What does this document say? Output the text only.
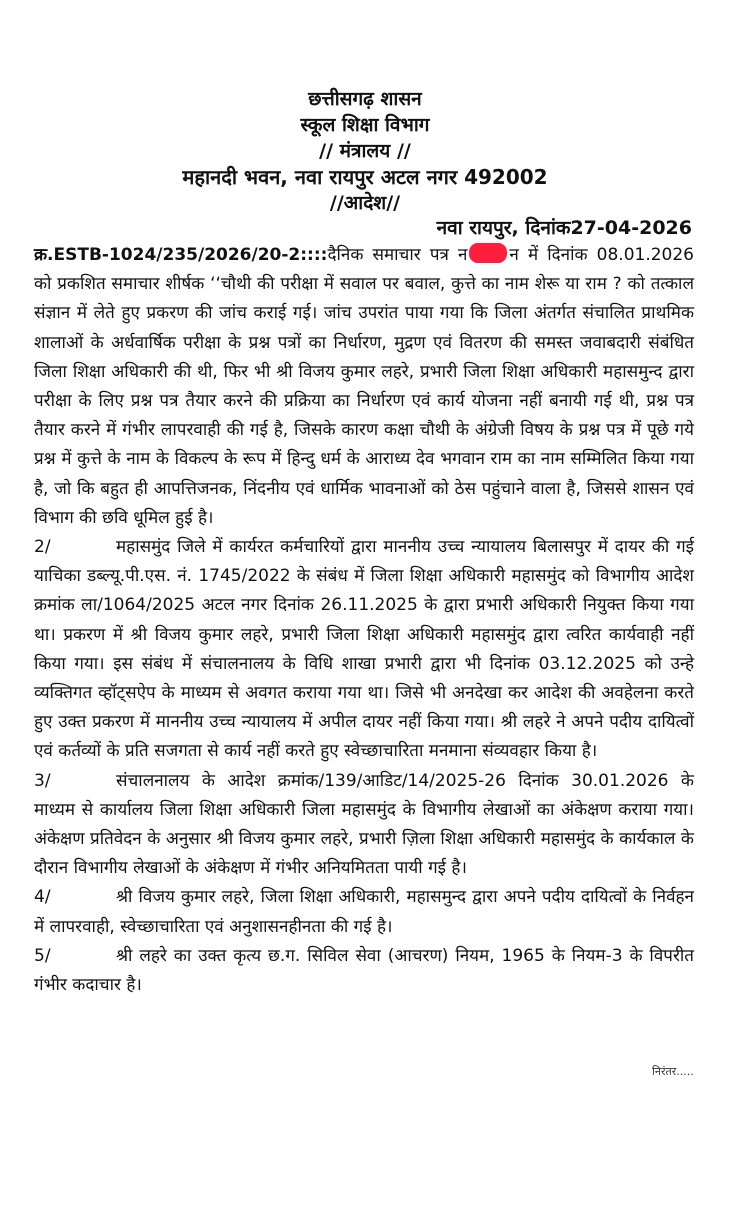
छत्तीसगढ़ शासन
स्कूल शिक्षा विभाग
// मंत्रालय //
महानदी भवन, नवा रायपुर अटल नगर 492002
//आदेश//
नवा रायपुर, दिनांक27-04-2026

क्र.ESTB-1024/235/2026/20-2::::दैनिक समाचार पत्र न न में दिनांक 08.01.2026 को प्रकशित समाचार शीर्षक ‘‘चौथी की परीक्षा में सवाल पर बवाल, कुत्ते का नाम शेरू या राम ? को तत्काल संज्ञान में लेते हुए प्रकरण की जांच कराई गई। जांच उपरांत पाया गया कि जिला अंतर्गत संचालित प्राथमिक शालाओं के अर्धवार्षिक परीक्षा के प्रश्न पत्रों का निर्धारण, मुद्रण एवं वितरण की समस्त जवाबदारी संबंधित जिला शिक्षा अधिकारी की थी, फिर भी श्री विजय कुमार लहरे, प्रभारी जिला शिक्षा अधिकारी महासमुन्द द्वारा परीक्षा के लिए प्रश्न पत्र तैयार करने की प्रक्रिया का निर्धारण एवं कार्य योजना नहीं बनायी गई थी, प्रश्न पत्र तैयार करने में गंभीर लापरवाही की गई है, जिसके कारण कक्षा चौथी के अंग्रेजी विषय के प्रश्न पत्र में पूछे गये प्रश्न में कुत्ते के नाम के विकल्प के रूप में हिन्दु धर्म के आराध्य देव भगवान राम का नाम सम्मिलित किया गया है, जो कि बहुत ही आपत्तिजनक, निंदनीय एवं धार्मिक भावनाओं को ठेस पहुंचाने वाला है, जिससे शासन एवं विभाग की छवि धूमिल हुई है।

2/	महासमुंद जिले में कार्यरत कर्मचारियों द्वारा माननीय उच्च न्यायालय बिलासपुर में दायर की गई याचिका डब्ल्यू.पी.एस. नं. 1745/2022 के संबंध में जिला शिक्षा अधिकारी महासमुंद को विभागीय आदेश क्रमांक ला/1064/2025 अटल नगर दिनांक 26.11.2025 के द्वारा प्रभारी अधिकारी नियुक्त किया गया था। प्रकरण में श्री विजय कुमार लहरे, प्रभारी जिला शिक्षा अधिकारी महासमुंद द्वारा त्वरित कार्यवाही नहीं किया गया। इस संबंध में संचालनालय के विधि शाखा प्रभारी द्वारा भी दिनांक 03.12.2025 को उन्हे व्यक्तिगत व्हॉट्सऐप के माध्यम से अवगत कराया गया था। जिसे भी अनदेखा कर आदेश की अवहेलना करते हुए उक्त प्रकरण में माननीय उच्च न्यायालय में अपील दायर नहीं किया गया। श्री लहरे ने अपने पदीय दायित्वों एवं कर्तव्यों के प्रति सजगता से कार्य नहीं करते हुए स्वेच्छाचारिता मनमाना संव्यवहार किया है।

3/	संचालनालय के आदेश क्रमांक/139/आडिट/14/2025-26 दिनांक 30.01.2026 के माध्यम से कार्यालय जिला शिक्षा अधिकारी जिला महासमुंद के विभागीय लेखाओं का अंकेक्षण कराया गया। अंकेक्षण प्रतिवेदन के अनुसार श्री विजय कुमार लहरे, प्रभारी ज़िला शिक्षा अधिकारी महासमुंद के कार्यकाल के दौरान विभागीय लेखाओं के अंकेक्षण में गंभीर अनियमितता पायी गई है।

4/	श्री विजय कुमार लहरे, जिला शिक्षा अधिकारी, महासमुन्द द्वारा अपने पदीय दायित्वों के निर्वहन में लापरवाही, स्वेच्छाचारिता एवं अनुशासनहीनता की गई है।

5/	श्री लहरे का उक्त कृत्य छ.ग. सिविल सेवा (आचरण) नियम, 1965 के नियम-3 के विपरीत गंभीर कदाचार है।

निरंतर.....
